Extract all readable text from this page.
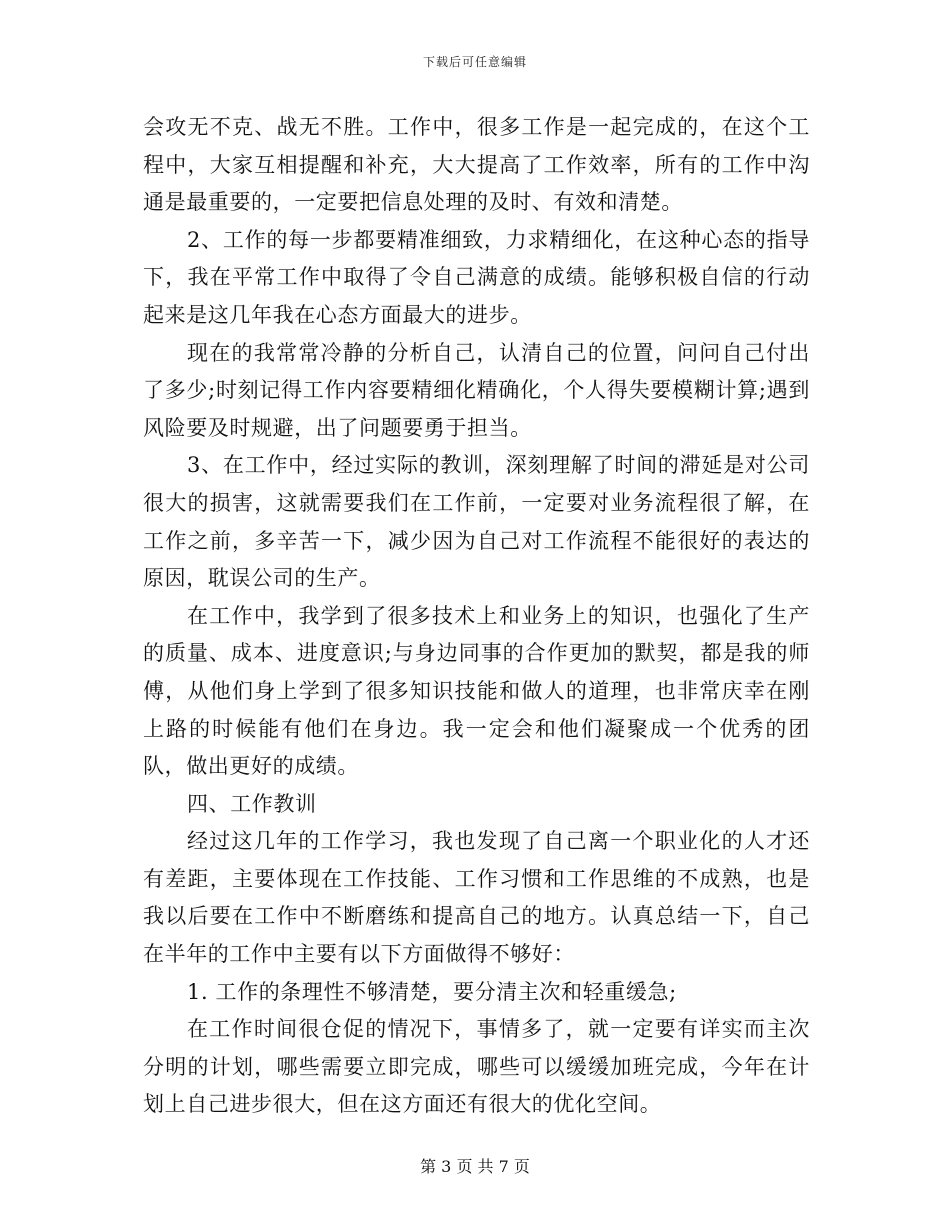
下载后可任意编辑

会攻无不克、战无不胜。工作中，很多工作是一起完成的，在这个工程中，大家互相提醒和补充，大大提高了工作效率，所有的工作中沟通是最重要的，一定要把信息处理的及时、有效和清楚。

2、工作的每一步都要精准细致，力求精细化，在这种心态的指导下，我在平常工作中取得了令自己满意的成绩。能够积极自信的行动起来是这几年我在心态方面最大的进步。

现在的我常常冷静的分析自己，认清自己的位置，问问自己付出了多少;时刻记得工作内容要精细化精确化，个人得失要模糊计算;遇到风险要及时规避，出了问题要勇于担当。

3、在工作中，经过实际的教训，深刻理解了时间的滞延是对公司很大的损害，这就需要我们在工作前，一定要对业务流程很了解，在工作之前，多辛苦一下，减少因为自己对工作流程不能很好的表达的原因，耽误公司的生产。

在工作中，我学到了很多技术上和业务上的知识，也强化了生产的质量、成本、进度意识;与身边同事的合作更加的默契，都是我的师傅，从他们身上学到了很多知识技能和做人的道理，也非常庆幸在刚上路的时候能有他们在身边。我一定会和他们凝聚成一个优秀的团队，做出更好的成绩。

四、工作教训

经过这几年的工作学习，我也发现了自己离一个职业化的人才还有差距，主要体现在工作技能、工作习惯和工作思维的不成熟，也是我以后要在工作中不断磨练和提高自己的地方。认真总结一下，自己在半年的工作中主要有以下方面做得不够好：

1. 工作的条理性不够清楚，要分清主次和轻重缓急;

在工作时间很仓促的情况下，事情多了，就一定要有详实而主次分明的计划，哪些需要立即完成，哪些可以缓缓加班完成，今年在计划上自己进步很大，但在这方面还有很大的优化空间。

第 3 页 共 7 页
